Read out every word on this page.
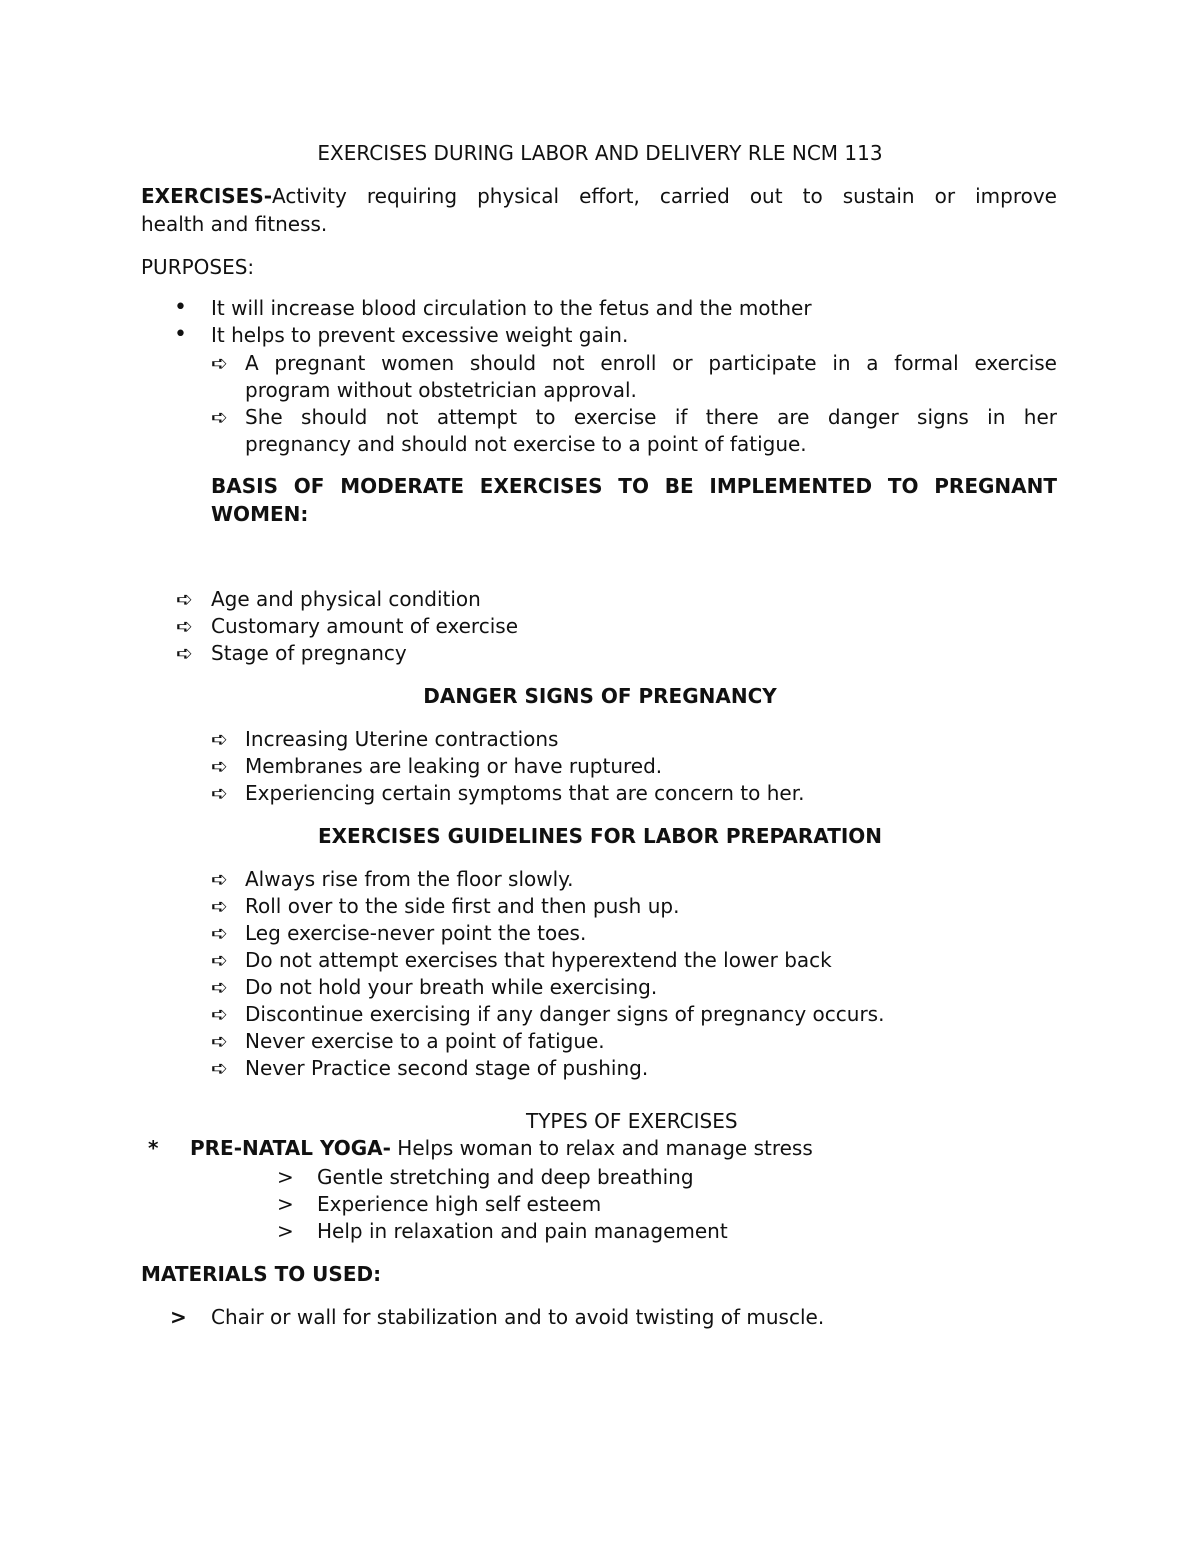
EXERCISES DURING LABOR AND DELIVERY RLE NCM 113
EXERCISES-Activity requiring physical effort, carried out to sustain or improve
health and fitness.
PURPOSES:
•	It will increase blood circulation to the fetus and the mother
•	It helps to prevent excessive weight gain.
➪ A pregnant women should not enroll or participate in a formal exercise
program without obstetrician approval.
➪ She should not attempt to exercise if there are danger signs in her
pregnancy and should not exercise to a point of fatigue.
BASIS OF MODERATE EXERCISES TO BE IMPLEMENTED TO PREGNANT
WOMEN:
➪ Age and physical condition
➪ Customary amount of exercise
➪ Stage of pregnancy
DANGER SIGNS OF PREGNANCY
➪ Increasing Uterine contractions
➪ Membranes are leaking or have ruptured.
➪ Experiencing certain symptoms that are concern to her.
EXERCISES GUIDELINES FOR LABOR PREPARATION
➪ Always rise from the floor slowly.
➪ Roll over to the side first and then push up.
➪ Leg exercise-never point the toes.
➪ Do not attempt exercises that hyperextend the lower back
➪ Do not hold your breath while exercising.
➪ Discontinue exercising if any danger signs of pregnancy occurs.
➪ Never exercise to a point of fatigue.
➪ Never Practice second stage of pushing.
TYPES OF EXERCISES
*	PRE-NATAL YOGA- Helps woman to relax and manage stress
>	Gentle stretching and deep breathing
>	Experience high self esteem
>	Help in relaxation and pain management
MATERIALS TO USED:
>	Chair or wall for stabilization and to avoid twisting of muscle.
